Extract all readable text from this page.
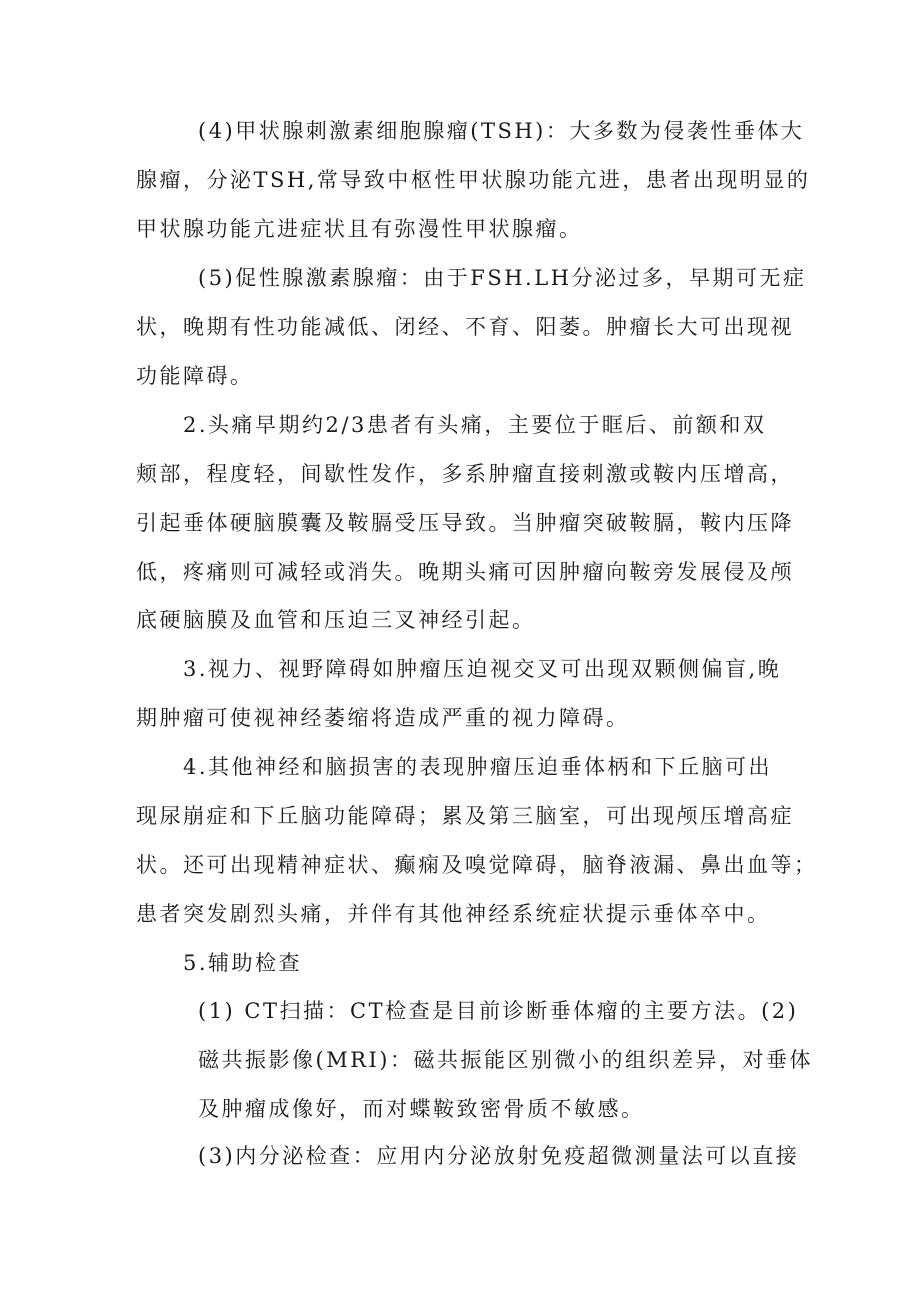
(4)甲状腺刺激素细胞腺瘤(TSH)：大多数为侵袭性垂体大
腺瘤，分泌TSH,常导致中枢性甲状腺功能亢进，患者出现明显的
甲状腺功能亢进症状且有弥漫性甲状腺瘤。
(5)促性腺激素腺瘤：由于FSH.LH分泌过多，早期可无症
状，晚期有性功能减低、闭经、不育、阳萎。肿瘤长大可出现视
功能障碍。
2.头痛早期约2/3患者有头痛，主要位于眶后、前额和双
颊部，程度轻，间歇性发作，多系肿瘤直接刺激或鞍内压增高，
引起垂体硬脑膜囊及鞍膈受压导致。当肿瘤突破鞍膈，鞍内压降
低，疼痛则可减轻或消失。晚期头痛可因肿瘤向鞍旁发展侵及颅
底硬脑膜及血管和压迫三叉神经引起。
3.视力、视野障碍如肿瘤压迫视交叉可出现双颗侧偏盲,晚
期肿瘤可使视神经萎缩将造成严重的视力障碍。
4.其他神经和脑损害的表现肿瘤压迫垂体柄和下丘脑可出
现尿崩症和下丘脑功能障碍；累及第三脑室，可出现颅压增高症
状。还可出现精神症状、癫痫及嗅觉障碍，脑脊液漏、鼻出血等；
患者突发剧烈头痛，并伴有其他神经系统症状提示垂体卒中。
5.辅助检查
(1) CT扫描：CT检查是目前诊断垂体瘤的主要方法。(2)
磁共振影像(MRI)：磁共振能区别微小的组织差异，对垂体
及肿瘤成像好，而对蝶鞍致密骨质不敏感。
(3)内分泌检查：应用内分泌放射免疫超微测量法可以直接
